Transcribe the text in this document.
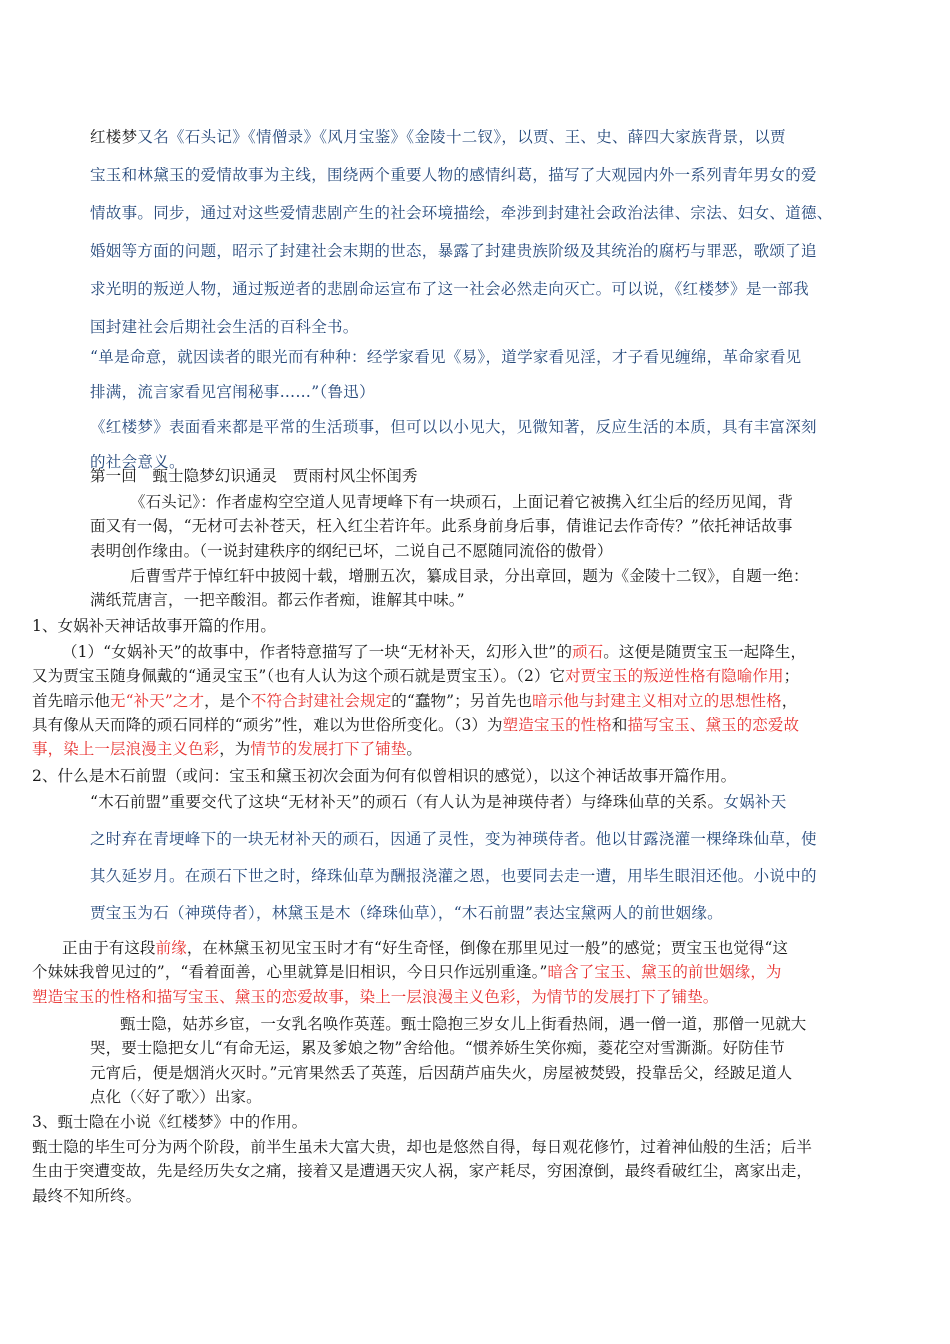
红楼梦又名《石头记》《情僧录》《风月宝鉴》《金陵十二钗》，以贾、王、史、薛四大家族背景，以贾
宝玉和林黛玉的爱情故事为主线，围绕两个重要人物的感情纠葛，描写了大观园内外一系列青年男女的爱
情故事。同步，通过对这些爱情悲剧产生的社会环境描绘，牵涉到封建社会政治法律、宗法、妇女、道德、
婚姻等方面的问题，昭示了封建社会末期的世态，暴露了封建贵族阶级及其统治的腐朽与罪恶，歌颂了追
求光明的叛逆人物，通过叛逆者的悲剧命运宣布了这一社会必然走向灭亡。可以说，《红楼梦》是一部我
国封建社会后期社会生活的百科全书。
“单是命意，就因读者的眼光而有种种：经学家看见《易》，道学家看见淫，才子看见缠绵，革命家看见
排满，流言家看见宫闱秘事……”（鲁迅）
《红楼梦》表面看来都是平常的生活琐事，但可以以小见大，见微知著，反应生活的本质，具有丰富深刻
的社会意义。
第一回　甄士隐梦幻识通灵　贾雨村风尘怀闺秀
《石头记》：作者虚构空空道人见青埂峰下有一块顽石，上面记着它被携入红尘后的经历见闻，背
面又有一偈，“无材可去补苍天，枉入红尘若许年。此系身前身后事，倩谁记去作奇传？”依托神话故事
表明创作缘由。（一说封建秩序的纲纪已坏，二说自己不愿随同流俗的傲骨）
后曹雪芹于悼红轩中披阅十载，增删五次，纂成目录，分出章回，题为《金陵十二钗》，自题一绝：
满纸荒唐言，一把辛酸泪。都云作者痴，谁解其中味。”
1、女娲补天神话故事开篇的作用。
（1）“女娲补天”的故事中，作者特意描写了一块“无材补天，幻形入世”的顽石。这便是随贾宝玉一起降生，
又为贾宝玉随身佩戴的“通灵宝玉”（也有人认为这个顽石就是贾宝玉）。（2）它对贾宝玉的叛逆性格有隐喻作用；
首先暗示他无“补天”之才，是个不符合封建社会规定的“蠢物”；另首先也暗示他与封建主义相对立的思想性格，
具有像从天而降的顽石同样的“顽劣”性，难以为世俗所变化。（3）为塑造宝玉的性格和描写宝玉、黛玉的恋爱故
事，染上一层浪漫主义色彩，为情节的发展打下了铺垫。
2、什么是木石前盟（或问：宝玉和黛玉初次会面为何有似曾相识的感觉），以这个神话故事开篇作用。
“木石前盟”重要交代了这块“无材补天”的顽石（有人认为是神瑛侍者）与绛珠仙草的关系。女娲补天
之时弃在青埂峰下的一块无材补天的顽石，因通了灵性，变为神瑛侍者。他以甘露浇灌一棵绛珠仙草，使
其久延岁月。在顽石下世之时，绛珠仙草为酬报浇灌之恩，也要同去走一遭，用毕生眼泪还他。小说中的
贾宝玉为石（神瑛侍者），林黛玉是木（绛珠仙草），“木石前盟”表达宝黛两人的前世姻缘。
正由于有这段前缘，在林黛玉初见宝玉时才有“好生奇怪，倒像在那里见过一般”的感觉；贾宝玉也觉得“这
个妹妹我曾见过的”，“看着面善，心里就算是旧相识，今日只作远别重逢。”暗含了宝玉、黛玉的前世姻缘，为
塑造宝玉的性格和描写宝玉、黛玉的恋爱故事，染上一层浪漫主义色彩，为情节的发展打下了铺垫。
甄士隐，姑苏乡宦，一女乳名唤作英莲。甄士隐抱三岁女儿上街看热闹，遇一僧一道，那僧一见就大
哭，要士隐把女儿“有命无运，累及爹娘之物”舍给他。“惯养娇生笑你痴，菱花空对雪澌澌。好防佳节
元宵后，便是烟消火灭时。”元宵果然丢了英莲，后因葫芦庙失火，房屋被焚毁，投靠岳父，经跛足道人
点化（〈好了歌〉）出家。
3、甄士隐在小说《红楼梦》中的作用。
甄士隐的毕生可分为两个阶段，前半生虽未大富大贵，却也是悠然自得，每日观花修竹，过着神仙般的生活；后半
生由于突遭变故，先是经历失女之痛，接着又是遭遇天灾人祸，家产耗尽，穷困潦倒，最终看破红尘，离家出走，
最终不知所终。
